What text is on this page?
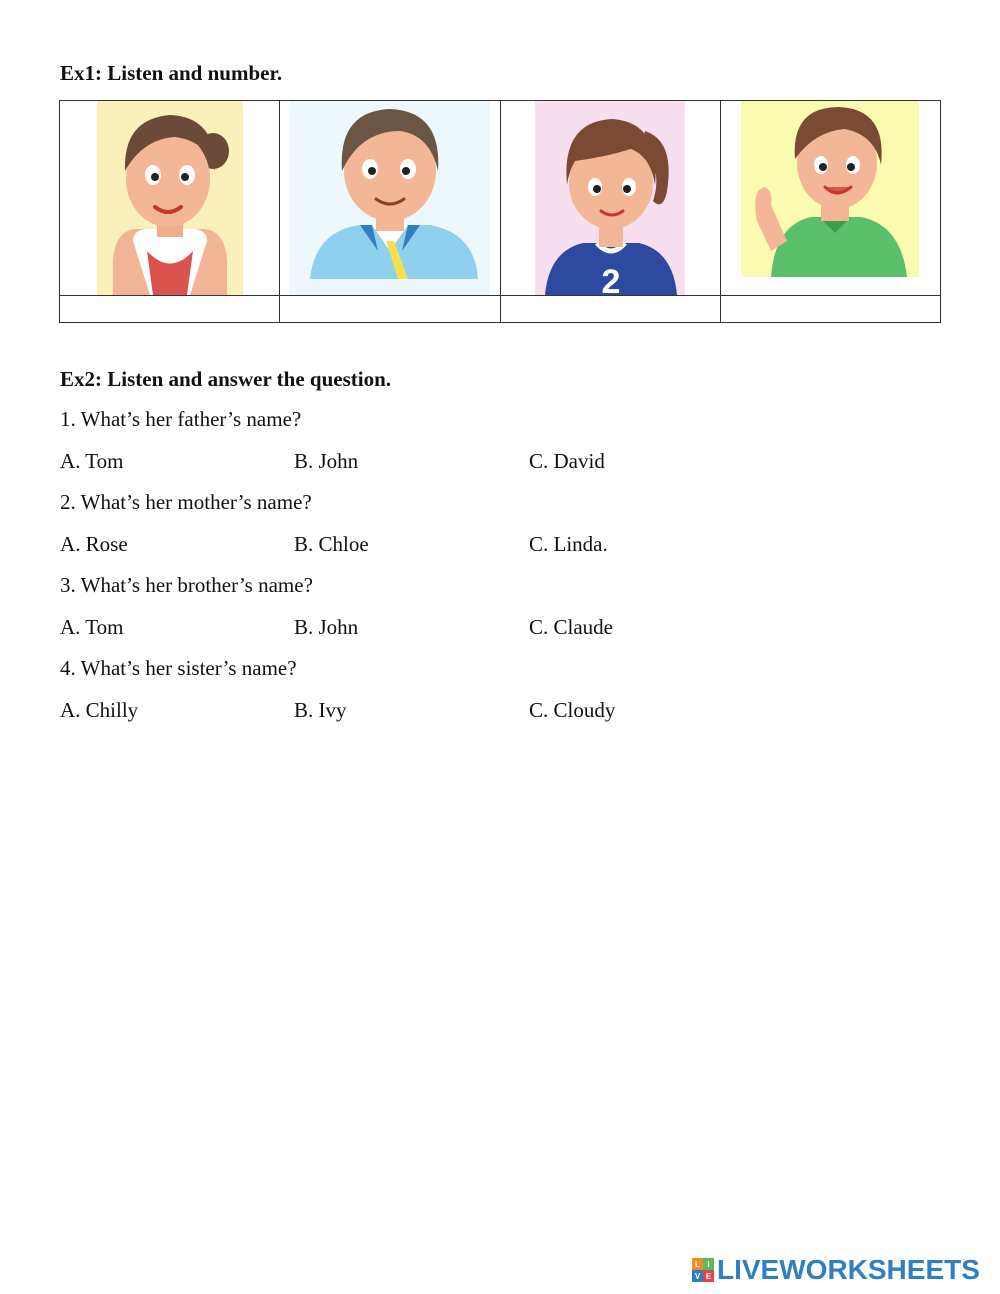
Ex1: Listen and number.

2

Ex2: Listen and answer the question.
1. What’s her father’s name?
A. Tom	B. John	C. David
2. What’s her mother’s name?
A. Rose	B. Chloe	C. Linda.
3. What’s her brother’s name?
A. Tom	B. John	C. Claude
4. What’s her sister’s name?
A. Chilly	B. Ivy	C. Cloudy
L I
V E LIVEWORKSHEETS
